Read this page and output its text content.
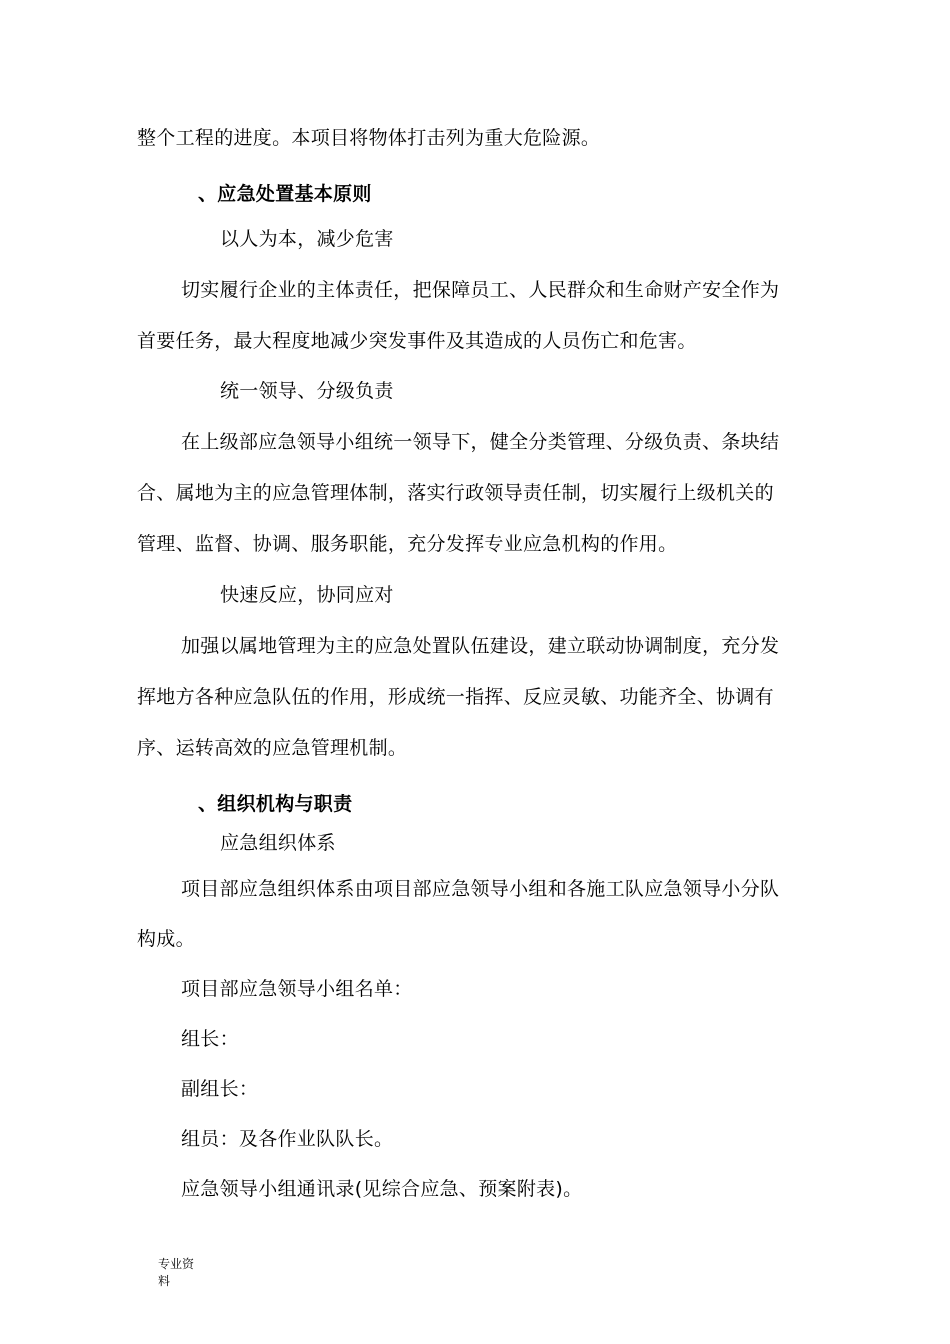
整个工程的进度。本项目将物体打击列为重大危险源。
、应急处置基本原则
以人为本，减少危害
切实履行企业的主体责任，把保障员工、人民群众和生命财产安全作为
首要任务，最大程度地减少突发事件及其造成的人员伤亡和危害。
统一领导、分级负责
在上级部应急领导小组统一领导下，健全分类管理、分级负责、条块结
合、属地为主的应急管理体制，落实行政领导责任制，切实履行上级机关的
管理、监督、协调、服务职能，充分发挥专业应急机构的作用。
快速反应，协同应对
加强以属地管理为主的应急处置队伍建设，建立联动协调制度，充分发
挥地方各种应急队伍的作用，形成统一指挥、反应灵敏、功能齐全、协调有
序、运转高效的应急管理机制。
、组织机构与职责
应急组织体系
项目部应急组织体系由项目部应急领导小组和各施工队应急领导小分队
构成。
项目部应急领导小组名单：
组长：
副组长：
组员：及各作业队队长。
应急领导小组通讯录(见综合应急、预案附表)。
专业资
料
